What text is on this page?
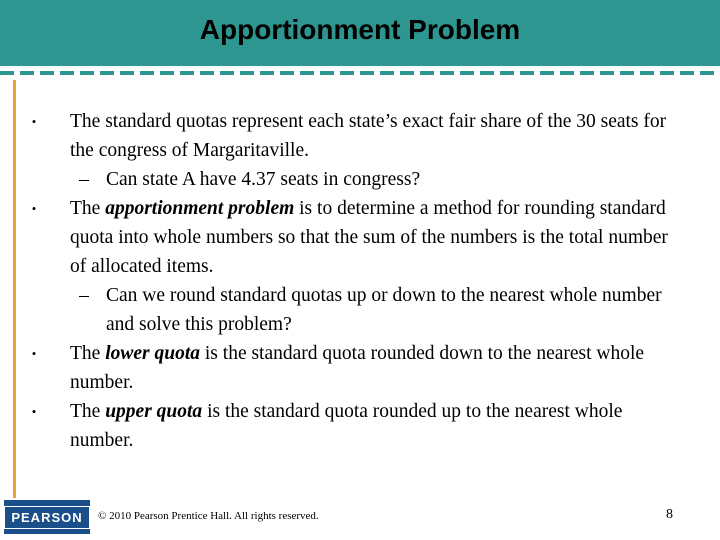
Apportionment Problem
• The standard quotas represent each state’s exact fair share of the 30 seats for the congress of Margaritaville.
– Can state A have 4.37 seats in congress?
• The apportionment problem is to determine a method for rounding standard quota into whole numbers so that the sum of the numbers is the total number of allocated items.
– Can we round standard quotas up or down to the nearest whole number and solve this problem?
• The lower quota is the standard quota rounded down to the nearest whole number.
• The upper quota is the standard quota rounded up to the nearest whole number.
PEARSON	© 2010 Pearson Prentice Hall. All rights reserved.	8
